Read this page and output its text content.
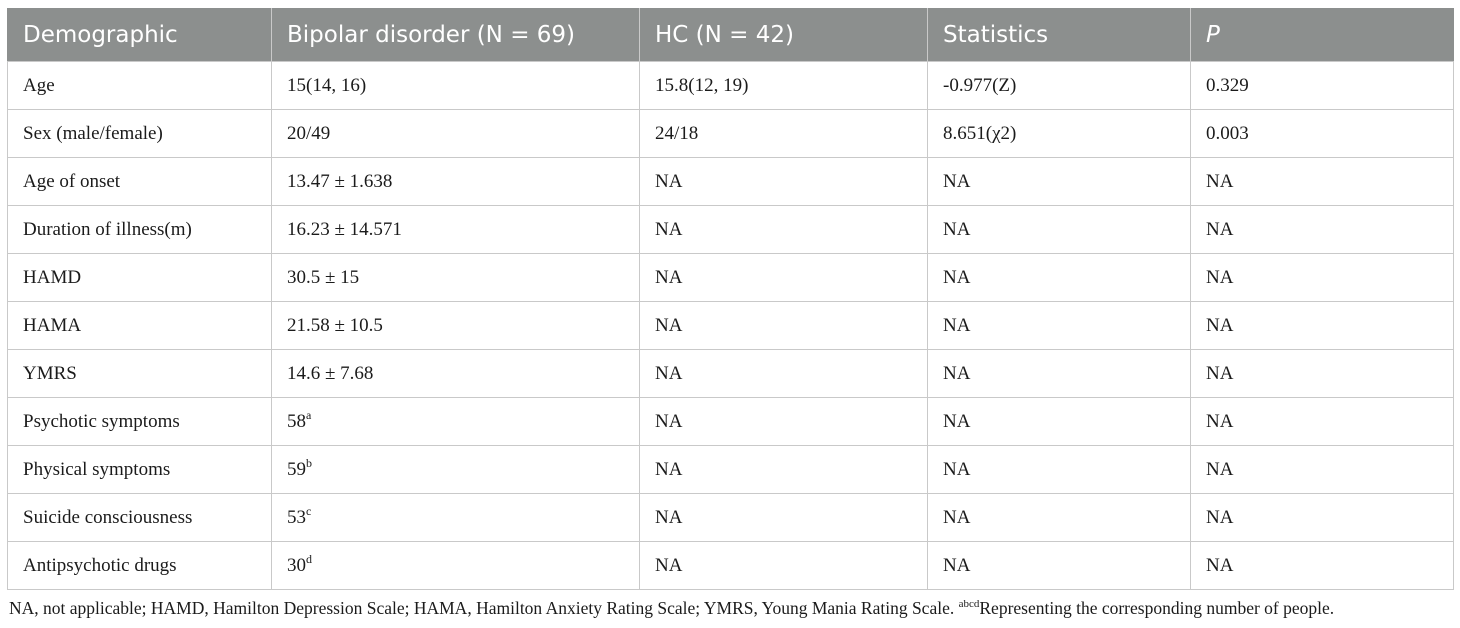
Demographic	Bipolar disorder (N = 69)	HC (N = 42)	Statistics	P
Age	15(14, 16)	15.8(12, 19)	-0.977(Z)	0.329
Sex (male/female)	20/49	24/18	8.651(χ2)	0.003
Age of onset	13.47 ± 1.638	NA	NA	NA
Duration of illness(m)	16.23 ± 14.571	NA	NA	NA
HAMD	30.5 ± 15	NA	NA	NA
HAMA	21.58 ± 10.5	NA	NA	NA
YMRS	14.6 ± 7.68	NA	NA	NA
Psychotic symptoms	58$^a$	NA	NA	NA
Physical symptoms	59$^b$	NA	NA	NA
Suicide consciousness	53$^c$	NA	NA	NA
Antipsychotic drugs	30$^d$	NA	NA	NA
NA, not applicable; HAMD, Hamilton Depression Scale; HAMA, Hamilton Anxiety Rating Scale; YMRS, Young Mania Rating Scale. $^{abcd}$Representing the corresponding number of people.
